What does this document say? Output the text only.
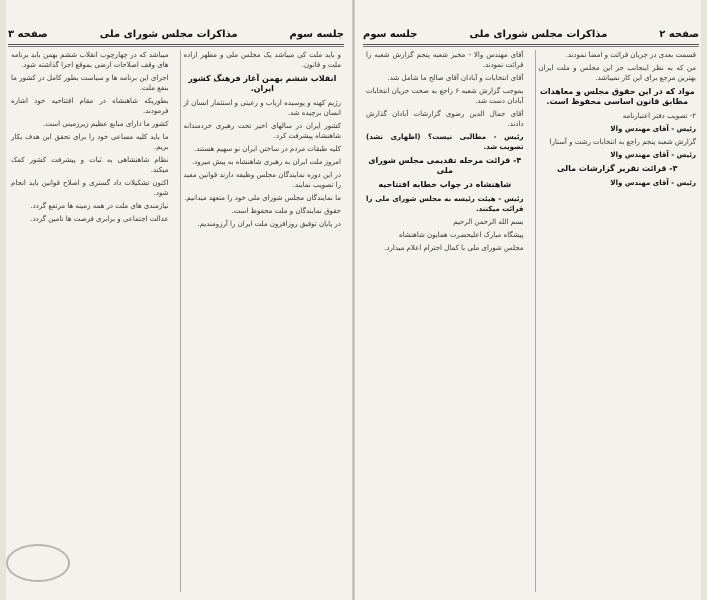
صفحه ۲
مذاکرات مجلس شورای ملی
جلسه سوم

قسمت بعدی در جریان قرائت و امضا نمودند.

من که به نظر اینجانب جز این مجلس و ملت ایران بهترین مرجع برای این کار نمیباشد.

مواد که در این حقوق مجلس و معاهدات مطابق قانون اساسی محفوظ است.

۲- تصویب دفتر اعتبارنامه

رئیس - آقای مهندس والا

گزارش شعبه پنجم راجع به انتخابات رشت و آستارا

رئیس - آقای مهندس والا

۳- قرائت تقریر گزارشات مالی

رئیس - آقای مهندس والا

آقای مهندس والا - مخبر شعبه پنجم گزارش شعبه را قرائت نمودند.

آقای انتخابات و آبادان آقای صالح ما شامل شد.

بموجب گزارش شعبه ۶ راجع به صحت جریان انتخابات آبادان دست شد.

آقای جمال الدین رضوی گزارشات آبادان گذارش دادند.

رئیس - مطالبی نیست؟ (اظهاری نشد) تصویب شد.

۴- قرائت مرحله تقدیمی مجلس شورای ملی

شاهنشاه در جواب خطابه افتتاحیه

رئیس - هیئت رئیسه به مجلس شورای ملی را قرائت میکنند.

بسم الله الرحمن الرحیم

پیشگاه مبارک اعلیحضرت همایون شاهنشاه

مجلس شورای ملی با کمال احترام اعلام میدارد.

جلسه سوم
مذاکرات مجلس شورای ملی
صفحه ۳

و باید ملت کی میباشد یک مجلس ملی و مظهر اراده ملت و قانون.

انقلاب ششم بهمن آغاز فرهنگ کشور ایران.

رژیم کهنه و پوسیده ارباب و رعیتی و استثمار انسان از انسان برچیده شد.

کشور ایران در سالهای اخیر تحت رهبری خردمندانه شاهنشاه پیشرفت کرد.

کلیه طبقات مردم در ساختن ایران نو سهیم هستند.

امروز ملت ایران به رهبری شاهنشاه به پیش میرود.

در این دوره نمایندگان مجلس وظیفه دارند قوانین مفید را تصویب نمایند.

ما نمایندگان مجلس شورای ملی خود را متعهد میدانیم.

حقوق نمایندگان و ملت محفوظ است.

در پایان توفیق روزافزون ملت ایران را آرزومندیم.

میباشد که در چهارچوب انقلاب ششم بهمن باید برنامه های وقف اصلاحات ارضی بموقع اجرا گذاشته شود.

اجرای این برنامه ها و سیاست بطور کامل در کشور ما بنفع ملت.

بطوریکه شاهنشاه در مقام افتتاحیه خود اشاره فرمودند.

کشور ما دارای منابع عظیم زیرزمینی است.

ما باید کلیه مساعی خود را برای تحقق این هدف بکار بریم.

نظام شاهنشاهی به ثبات و پیشرفت کشور کمک میکند.

اکنون تشکیلات داد گستری و اصلاح قوانین باید انجام شود.

نیازمندی های ملت در همه زمینه ها مرتفع گردد.

عدالت اجتماعی و برابری فرصت ها تامین گردد.
